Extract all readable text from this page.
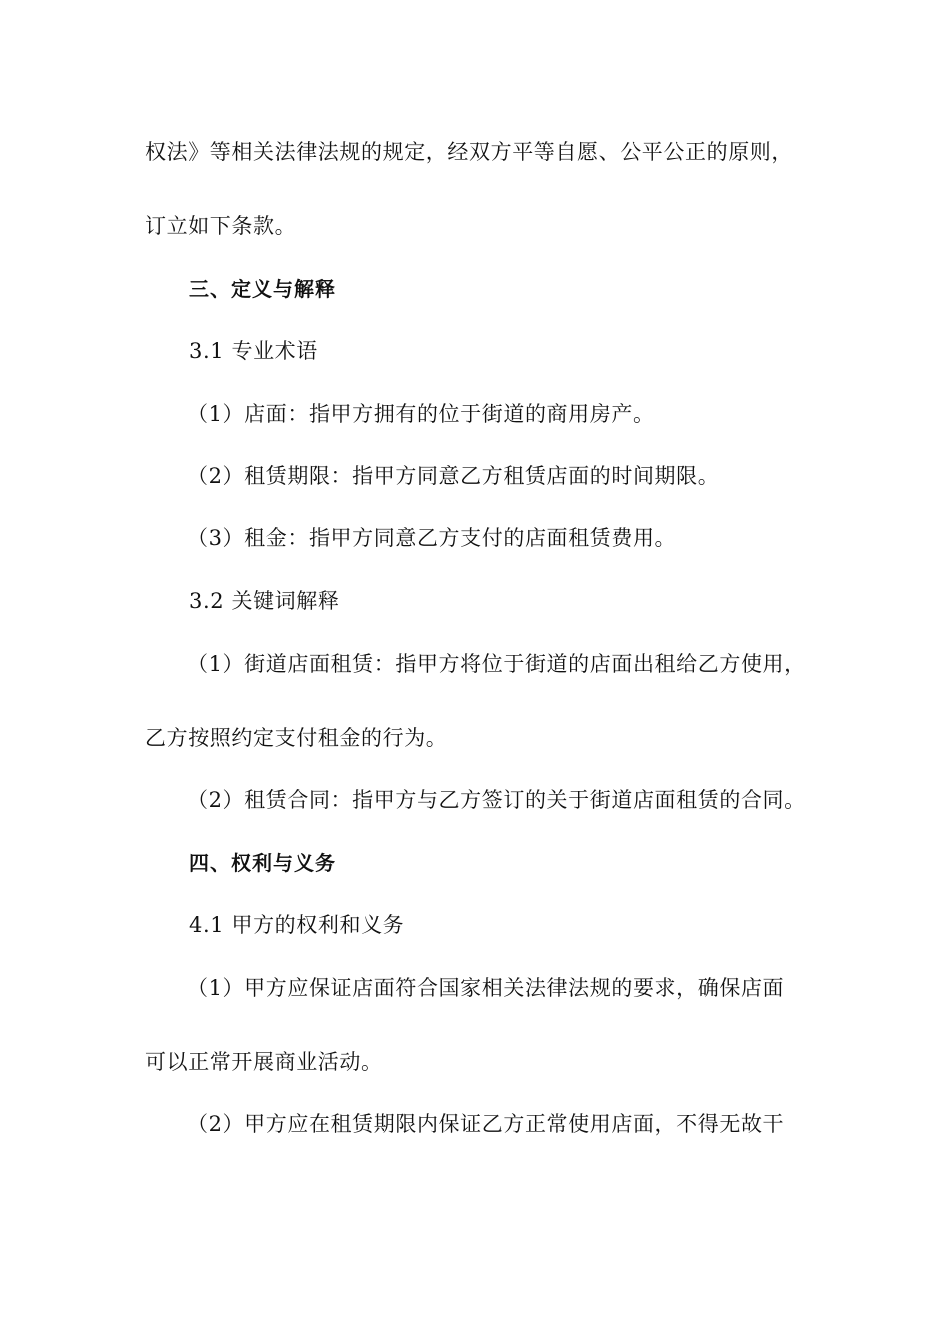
权法》等相关法律法规的规定，经双方平等自愿、公平公正的原则，
订立如下条款。
三、定义与解释
3.1 专业术语
（1）店面：指甲方拥有的位于街道的商用房产。
（2）租赁期限：指甲方同意乙方租赁店面的时间期限。
（3）租金：指甲方同意乙方支付的店面租赁费用。
3.2 关键词解释
（1）街道店面租赁：指甲方将位于街道的店面出租给乙方使用，
乙方按照约定支付租金的行为。
（2）租赁合同：指甲方与乙方签订的关于街道店面租赁的合同。
四、权利与义务
4.1 甲方的权利和义务
（1）甲方应保证店面符合国家相关法律法规的要求，确保店面
可以正常开展商业活动。
（2）甲方应在租赁期限内保证乙方正常使用店面，不得无故干
